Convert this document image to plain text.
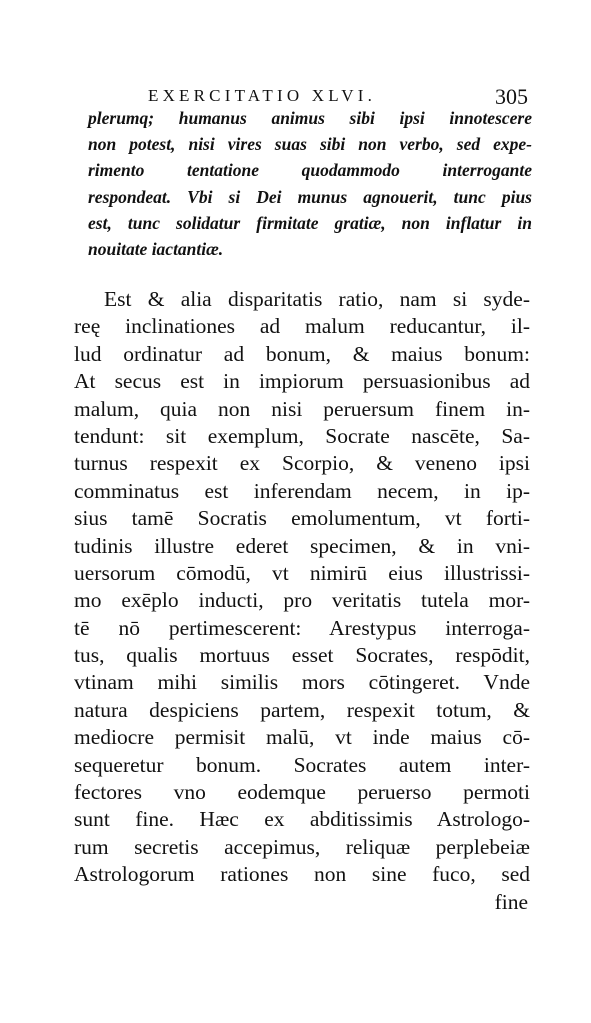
EXERCITATIO XLVI.	305
plerumq; humanus animus sibi ipsi innotescere
non potest, nisi vires suas sibi non verbo, sed expe-
rimento tentatione quodammodo interrogante
respondeat. Vbi si Dei munus agnouerit, tunc pius
est, tunc solidatur firmitate gratiæ, non inflatur in
nouitate iactantiæ.
Est & alia disparitatis ratio, nam si syde-
reę inclinationes ad malum reducantur, il-
lud ordinatur ad bonum, & maius bonum:
At secus est in impiorum persuasionibus ad
malum, quia non nisi peruersum finem in-
tendunt: sit exemplum, Socrate nascēte, Sa-
turnus respexit ex Scorpio, & veneno ipsi
comminatus est inferendam necem, in ip-
sius tamē Socratis emolumentum, vt forti-
tudinis illustre ederet specimen, & in vni-
uersorum cōmodū, vt nimirū eius illustrissi-
mo exēplo inducti, pro veritatis tutela mor-
tē nō pertimescerent: Arestypus interroga-
tus, qualis mortuus esset Socrates, respōdit,
vtinam mihi similis mors cōtingeret. Vnde
natura despiciens partem, respexit totum, &
mediocre permisit malū, vt inde maius cō-
sequeretur bonum. Socrates autem inter-
fectores vno eodemque peruerso permoti
sunt fine. Hæc ex abditissimis Astrologo-
rum secretis accepimus, reliquæ perplebeiæ
Astrologorum rationes non sine fuco, sed
fine
